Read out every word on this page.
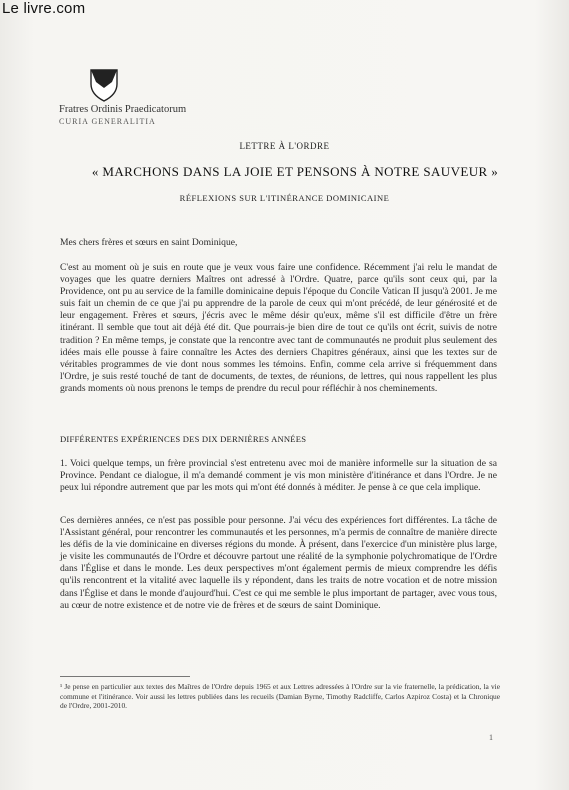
Le livre.com
Fratres Ordinis Praedicatorum
CURIA GENERALITIA
LETTRE À L'ORDRE
« MARCHONS DANS LA JOIE ET PENSONS À NOTRE SAUVEUR »
RÉFLEXIONS SUR L'ITINÉRANCE DOMINICAINE

Mes chers frères et sœurs en saint Dominique,

C'est au moment où je suis en route que je veux vous faire une confidence. Récemment j'ai relu le mandat de voyages que les quatre derniers Maîtres ont adressé à l'Ordre. Quatre, parce qu'ils sont ceux qui, par la Providence, ont pu au service de la famille dominicaine depuis l'époque du Concile Vatican II jusqu'à 2001. Je me suis fait un chemin de ce que j'ai pu apprendre de la parole de ceux qui m'ont précédé, de leur générosité et de leur engagement. Frères et sœurs, j'écris avec le même désir qu'eux, même s'il est difficile d'être un frère itinérant. Il semble que tout ait déjà été dit. Que pourrais-je bien dire de tout ce qu'ils ont écrit, suivis de notre tradition ? En même temps, je constate que la rencontre avec tant de communautés ne produit plus seulement des idées mais elle pousse à faire connaître les Actes des derniers Chapitres généraux, ainsi que les textes sur de véritables programmes de vie dont nous sommes les témoins. Enfin, comme cela arrive si fréquemment dans l'Ordre, je suis resté touché de tant de documents, de textes, de réunions, de lettres, qui nous rappellent les plus grands moments où nous prenons le temps de prendre du recul pour réfléchir à nos cheminements.

DIFFÉRENTES EXPÉRIENCES DES DIX DERNIÈRES ANNÉES

1. Voici quelque temps, un frère provincial s'est entretenu avec moi de manière informelle sur la situation de sa Province. Pendant ce dialogue, il m'a demandé comment je vis mon ministère d'itinérance et dans l'Ordre. Je ne peux lui répondre autrement que par les mots qui m'ont été donnés à méditer. Je pense à ce que cela implique.

Ces dernières années, ce n'est pas possible pour personne. J'ai vécu des expériences fort différentes. La tâche de l'Assistant général, pour rencontrer les communautés et les personnes, m'a permis de connaître de manière directe les défis de la vie dominicaine en diverses régions du monde. À présent, dans l'exercice d'un ministère plus large, je visite les communautés de l'Ordre et découvre partout une réalité de la symphonie polychromatique de l'Ordre dans l'Église et dans le monde. Les deux perspectives m'ont également permis de mieux comprendre les défis qu'ils rencontrent et la vitalité avec laquelle ils y répondent, dans les traits de notre vocation et de notre mission dans l'Église et dans le monde d'aujourd'hui. C'est ce qui me semble le plus important de partager, avec vous tous, au cœur de notre existence et de notre vie de frères et de sœurs de saint Dominique.

¹ Je pense en particulier aux textes des Maîtres de l'Ordre depuis 1965 et aux Lettres adressées à l'Ordre sur la vie fraternelle, la prédication, la vie commune et l'itinérance. Voir aussi les lettres publiées dans les recueils (Damian Byrne, Timothy Radcliffe, Carlos Azpiroz Costa) et la Chronique de l'Ordre, 2001-2010.

1
